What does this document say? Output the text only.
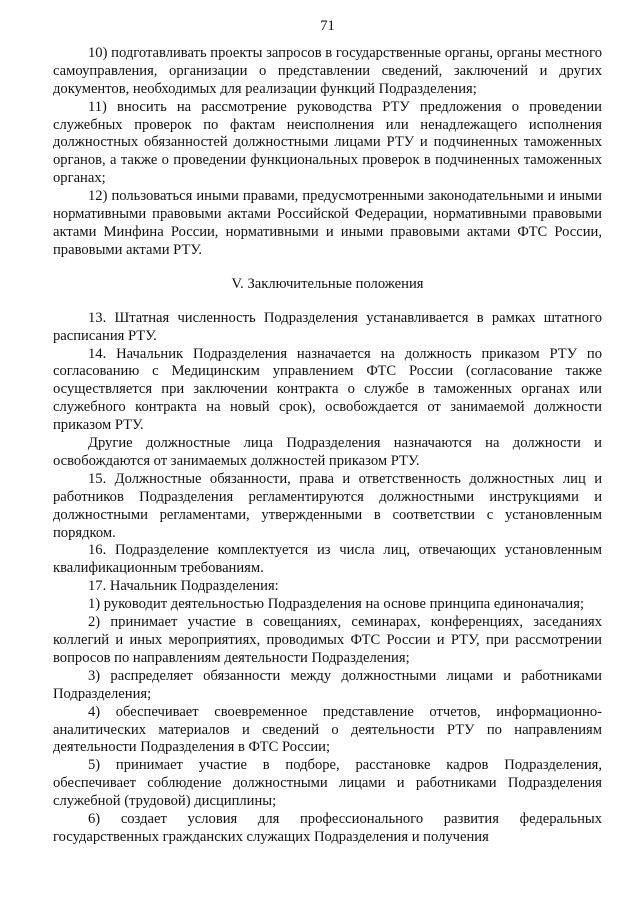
71

10) подготавливать проекты запросов в государственные органы, органы местного самоуправления, организации о представлении сведений, заключений и других документов, необходимых для реализации функций Подразделения;

11) вносить на рассмотрение руководства РТУ предложения о проведении служебных проверок по фактам неисполнения или ненадлежащего исполнения должностных обязанностей должностными лицами РТУ и подчиненных таможенных органов, а также о проведении функциональных проверок в подчиненных таможенных органах;

12) пользоваться иными правами, предусмотренными законодательными и иными нормативными правовыми актами Российской Федерации, нормативными правовыми актами Минфина России, нормативными и иными правовыми актами ФТС России, правовыми актами РТУ.

V. Заключительные положения

13. Штатная численность Подразделения устанавливается в рамках штатного расписания РТУ.

14. Начальник Подразделения назначается на должность приказом РТУ по согласованию с Медицинским управлением ФТС России (согласование также осуществляется при заключении контракта о службе в таможенных органах или служебного контракта на новый срок), освобождается от занимаемой должности приказом РТУ.

Другие должностные лица Подразделения назначаются на должности и освобождаются от занимаемых должностей приказом РТУ.

15. Должностные обязанности, права и ответственность должностных лиц и работников Подразделения регламентируются должностными инструкциями и должностными регламентами, утвержденными в соответствии с установленным порядком.

16. Подразделение комплектуется из числа лиц, отвечающих установленным квалификационным требованиям.

17. Начальник Подразделения:

1) руководит деятельностью Подразделения на основе принципа единоначалия;

2) принимает участие в совещаниях, семинарах, конференциях, заседаниях коллегий и иных мероприятиях, проводимых ФТС России и РТУ, при рассмотрении вопросов по направлениям деятельности Подразделения;

3) распределяет обязанности между должностными лицами и работниками Подразделения;

4) обеспечивает своевременное представление отчетов, информационно-аналитических материалов и сведений о деятельности РТУ по направлениям деятельности Подразделения в ФТС России;

5) принимает участие в подборе, расстановке кадров Подразделения, обеспечивает соблюдение должностными лицами и работниками Подразделения служебной (трудовой) дисциплины;

6) создает условия для профессионального развития федеральных государственных гражданских служащих Подразделения и получения
